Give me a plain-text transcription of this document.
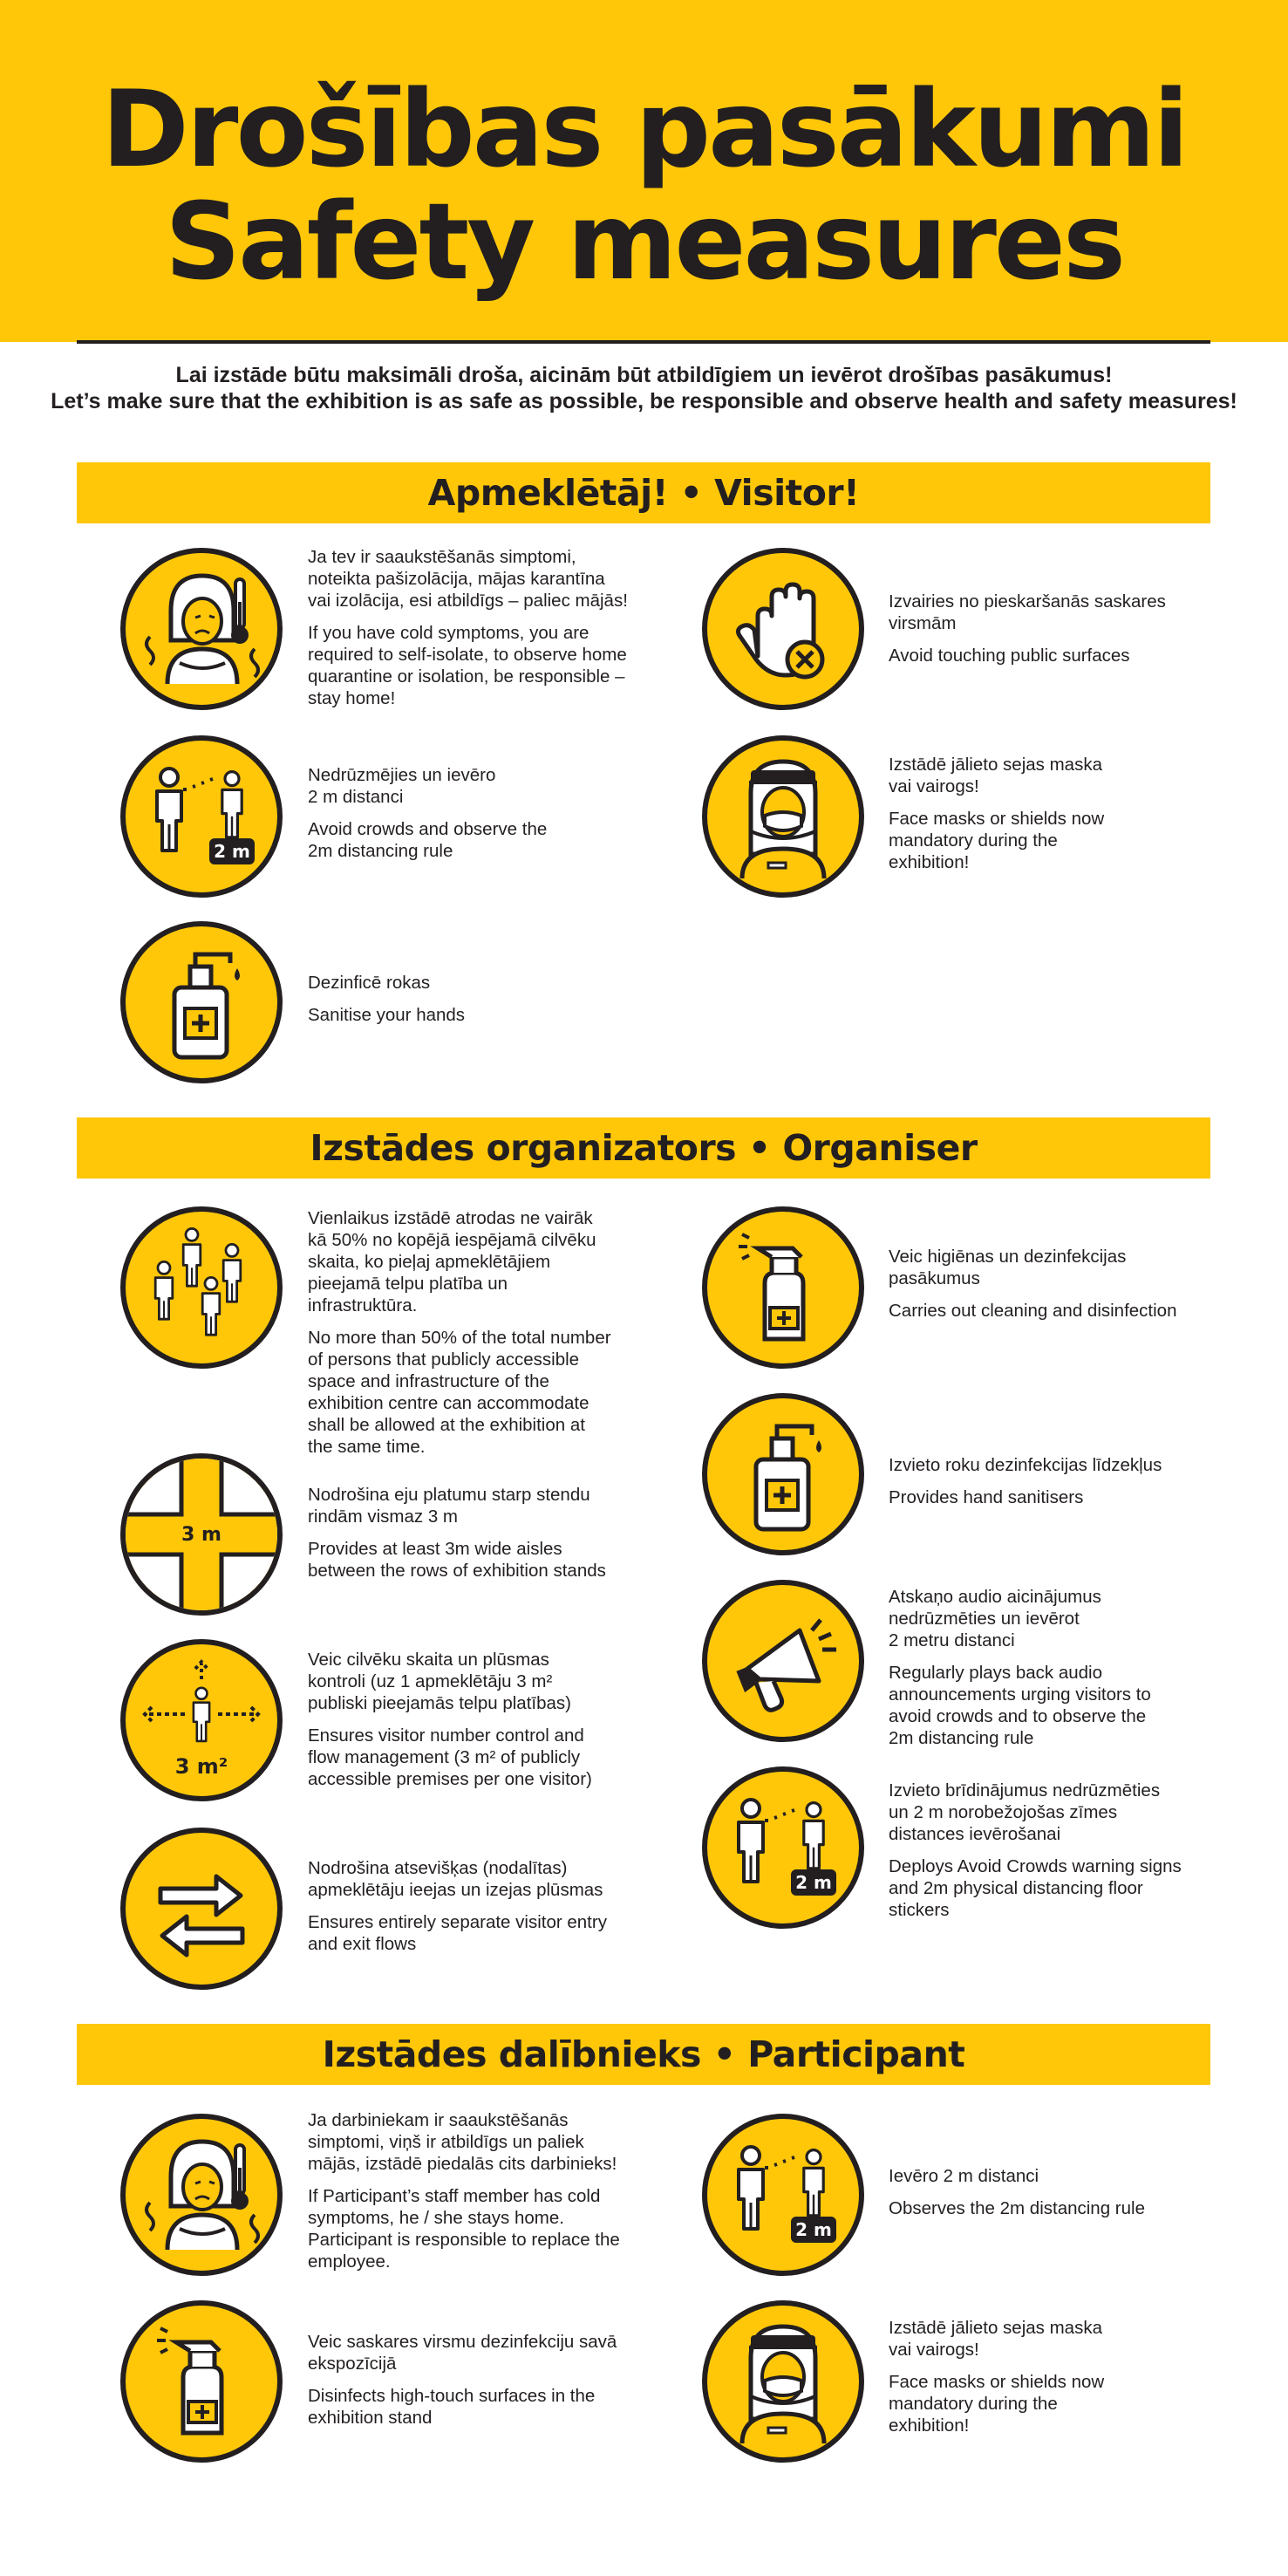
Drošības pasākumi
Safety measures

Lai izstāde būtu maksimāli droša, aicinām būt atbildīgiem un ievērot drošības pasākumus!

Let’s make sure that the exhibition is as safe as possible, be responsible and observe health and safety measures!

Apmeklētāj! • Visitor!

Ja tev ir saaukstēšanās simptomi,
noteikta pašizolācija, mājas karantīna
vai izolācija, esi atbildīgs – paliec mājās!

If you have cold symptoms, you are
required to self-isolate, to observe home
quarantine or isolation, be responsible –
stay home!

Izvairies no pieskaršanās saskares
virsmām

Avoid touching public surfaces

2 m

Nedrūzmējies un ievēro
2 m distanci

Avoid crowds and observe the
2m distancing rule

Izstādē jālieto sejas maska
vai vairogs!

Face masks or shields now
mandatory during the
exhibition!

Dezinficē rokas

Sanitise your hands

Izstādes organizators • Organiser

Vienlaikus izstādē atrodas ne vairāk
kā 50% no kopējā iespējamā cilvēku
skaita, ko pieļaj apmeklētājiem
pieejamā telpu platība un
infrastruktūra.

No more than 50% of the total number
of persons that publicly accessible
space and infrastructure of the
exhibition centre can accommodate
shall be allowed at the exhibition at
the same time.

Veic higiēnas un dezinfekcijas
pasākumus

Carries out cleaning and disinfection

3 m

Nodrošina eju platumu starp stendu
rindām vismaz 3 m

Provides at least 3m wide aisles
between the rows of exhibition stands

Izvieto roku dezinfekcijas līdzekļus

Provides hand sanitisers

3 m²

Veic cilvēku skaita un plūsmas
kontroli (uz 1 apmeklētāju 3 m²
publiski pieejamās telpu platības)

Ensures visitor number control and
flow management (3 m² of publicly
accessible premises per one visitor)

Atskaņo audio aicinājumus
nedrūzmēties un ievērot
2 metru distanci

Regularly plays back audio
announcements urging visitors to
avoid crowds and to observe the
2m distancing rule

Nodrošina atsevišķas (nodalītas)
apmeklētāju ieejas un izejas plūsmas

Ensures entirely separate visitor entry
and exit flows

2 m

Izvieto brīdinājumus nedrūzmēties
un 2 m norobežojošas zīmes
distances ievērošanai

Deploys Avoid Crowds warning signs
and 2m physical distancing floor
stickers

Izstādes dalībnieks • Participant

Ja darbiniekam ir saaukstēšanās
simptomi, viņš ir atbildīgs un paliek
mājās, izstādē piedalās cits darbinieks!

If Participant’s staff member has cold
symptoms, he / she stays home.
Participant is responsible to replace the
employee.

2 m

Ievēro 2 m distanci

Observes the 2m distancing rule

Veic saskares virsmu dezinfekciju savā
ekspozīcijā

Disinfects high-touch surfaces in the
exhibition stand

Izstādē jālieto sejas maska
vai vairogs!

Face masks or shields now
mandatory during the
exhibition!
